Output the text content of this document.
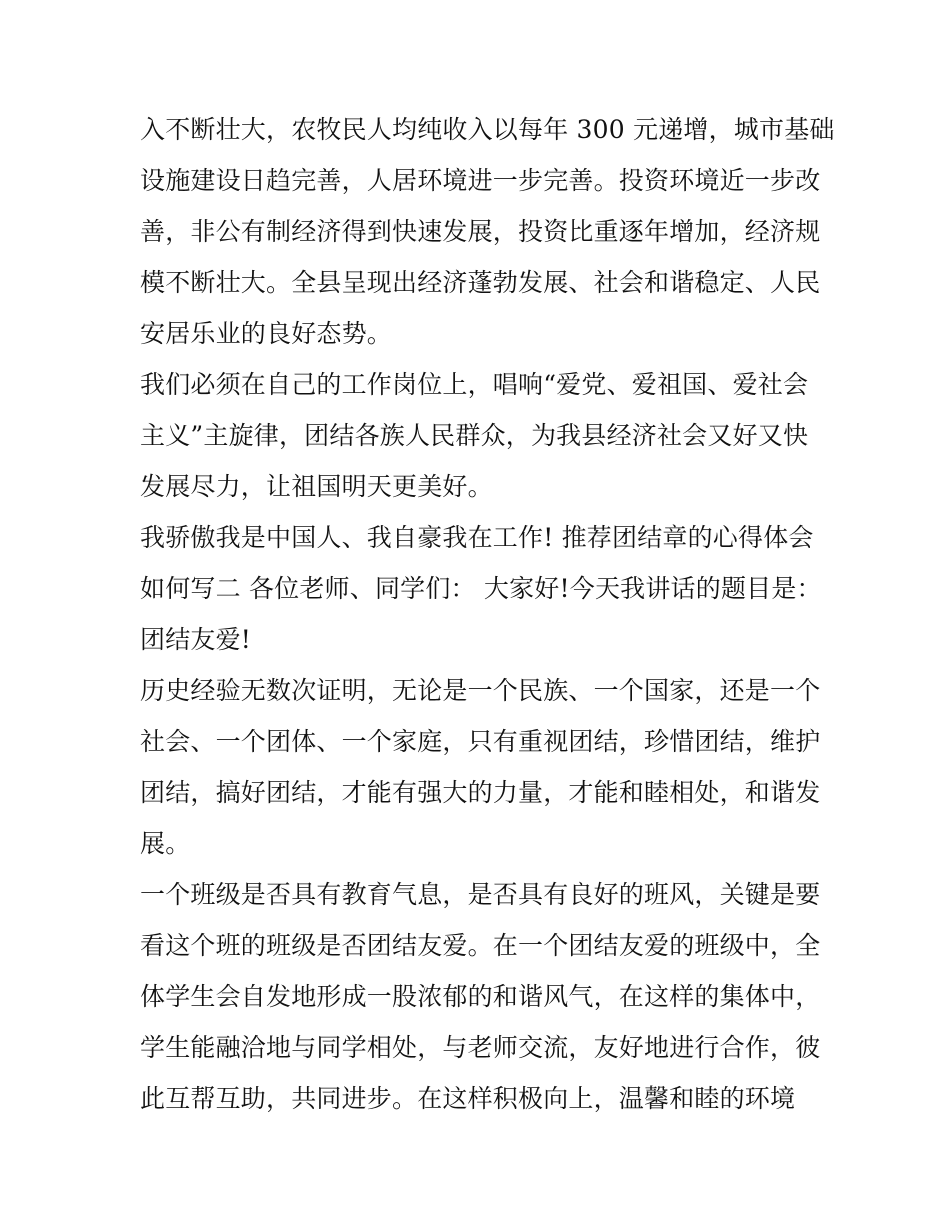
入不断壮大，农牧民人均纯收入以每年 300 元递增，城市基础
设施建设日趋完善，人居环境进一步完善。投资环境近一步改
善，非公有制经济得到快速发展，投资比重逐年增加，经济规
模不断壮大。全县呈现出经济蓬勃发展、社会和谐稳定、人民
安居乐业的良好态势。
我们必须在自己的工作岗位上，唱响“爱党、爱祖国、爱社会
主义”主旋律，团结各族人民群众，为我县经济社会又好又快
发展尽力，让祖国明天更美好。
我骄傲我是中国人、我自豪我在工作! 推荐团结章的心得体会
如何写二 各位老师、同学们： 大家好!今天我讲话的题目是：
团结友爱!
历史经验无数次证明，无论是一个民族、一个国家，还是一个
社会、一个团体、一个家庭，只有重视团结，珍惜团结，维护
团结，搞好团结，才能有强大的力量，才能和睦相处，和谐发
展。
一个班级是否具有教育气息，是否具有良好的班风，关键是要
看这个班的班级是否团结友爱。在一个团结友爱的班级中，全
体学生会自发地形成一股浓郁的和谐风气，在这样的集体中，
学生能融洽地与同学相处，与老师交流，友好地进行合作，彼
此互帮互助，共同进步。在这样积极向上，温馨和睦的环境
